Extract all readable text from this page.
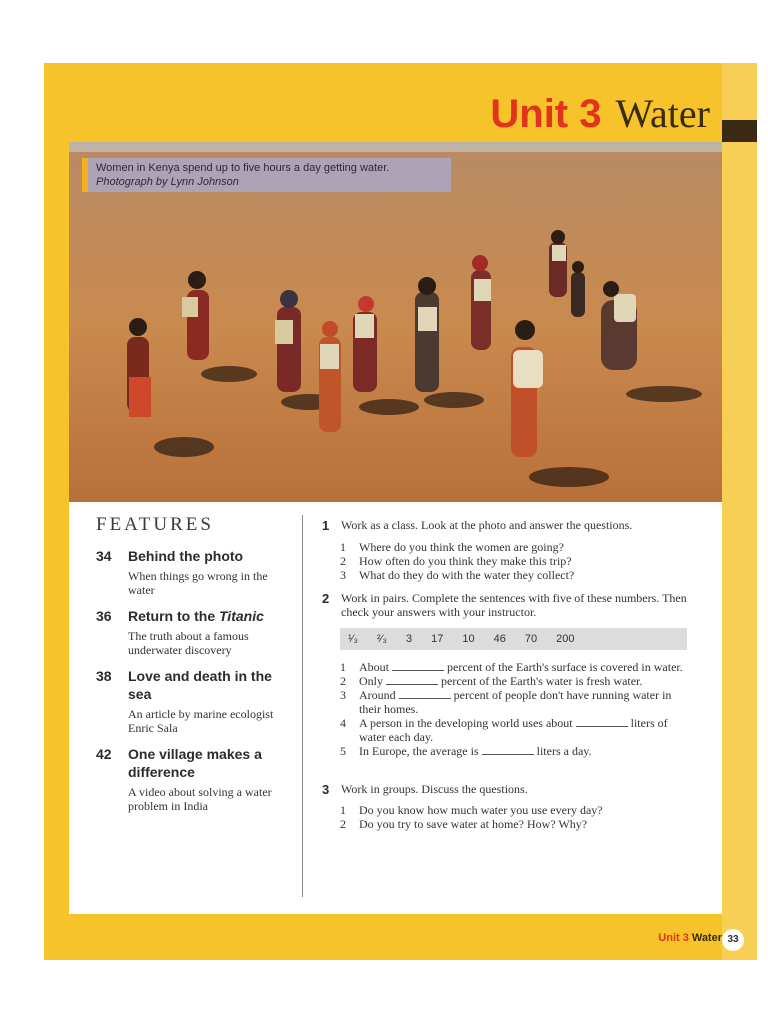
Unit 3 Water
Women in Kenya spend up to five hours a day getting water.
Photograph by Lynn Johnson
FEATURES
34	Behind the photo
When things go wrong in the water
36	Return to the Titanic
The truth about a famous underwater discovery
38	Love and death in the sea
An article by marine ecologist Enric Sala
42	One village makes a difference
A video about solving a water problem in India
1 Work as a class. Look at the photo and answer the questions.
1	Where do you think the women are going?
2	How often do you think they make this trip?
3	What do they do with the water they collect?
2 Work in pairs. Complete the sentences with five of these numbers. Then check your answers with your instructor.
¹⁄₃ ²⁄₃ 3 17 10 46 70 200
1	About	percent of the Earth's surface is covered in water.
2	Only	percent of the Earth's water is fresh water.
3	Around	percent of people don't have running water in their homes.
4	A person in the developing world uses about	liters of water each day.
5	In Europe, the average is	liters a day.
3 Work in groups. Discuss the questions.
1	Do you know how much water you use every day?
2	Do you try to save water at home? How? Why?
Unit 3 Water 33
